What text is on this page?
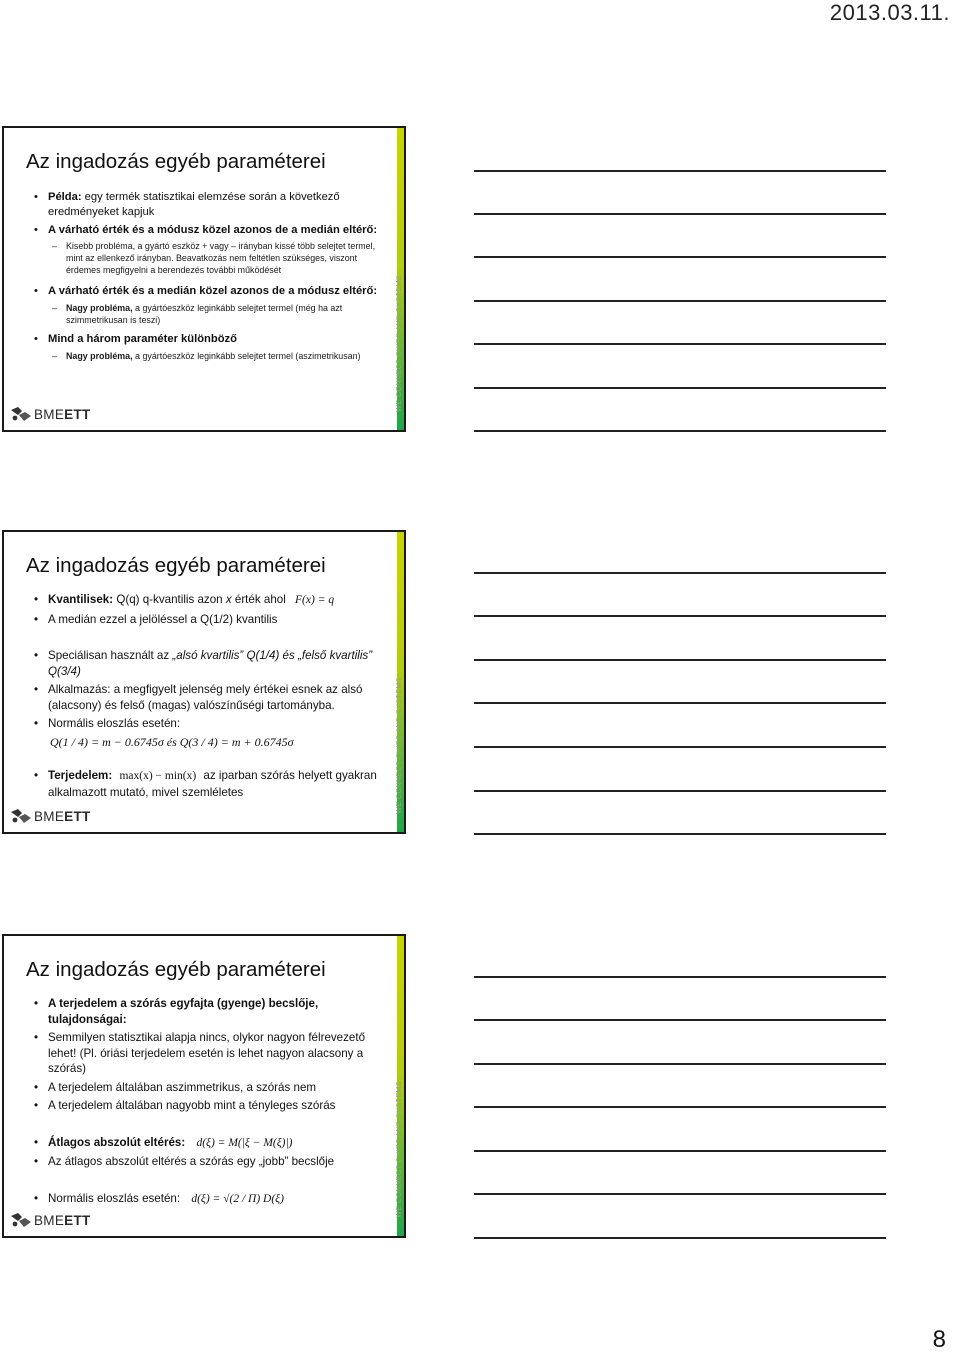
2013.03.11.
WE CONNECT CHIPS AND SYSTEMS
Az ingadozás egyéb paraméterei
• Példa: egy termék statisztikai elemzése során a következő eredményeket kapjuk
• A várható érték és a módusz közel azonos de a medián eltérő:
– Kisebb probléma, a gyártó eszköz + vagy – irányban kissé több selejtet termel, mint az ellenkező irányban. Beavatkozás nem feltétlen szükséges, viszont érdemes megfigyelni a berendezés további működését
• A várható érték és a medián közel azonos de a módusz eltérő:
– Nagy probléma, a gyártóeszköz leginkább selejtet termel (még ha azt szimmetrikusan is teszi)
• Mind a három paraméter különböző
– Nagy probléma, a gyártóeszköz leginkább selejtet termel (aszimetrikusan)
BME ETT
WE CONNECT CHIPS AND SYSTEMS
Az ingadozás egyéb paraméterei
• Kvantilisek: Q(q) q-kvantilis azon x érték ahol F(x) = q
• A medián ezzel a jelöléssel a Q(1/2) kvantilis
• Speciálisan használt az „alsó kvartilis” Q(1/4) és „felső kvartilis” Q(3/4)
• Alkalmazás: a megfigyelt jelenség mely értékei esnek az alsó (alacsony) és felső (magas) valószínűségi tartományba.
• Normális eloszlás esetén:
Q(1 / 4) = m − 0.6745σ és Q(3 / 4) = m + 0.6745σ
• Terjedelem: max(x) − min(x) az iparban szórás helyett gyakran alkalmazott mutató, mivel szemléletes
BME ETT
WE CONNECT CHIPS AND SYSTEMS
Az ingadozás egyéb paraméterei
• A terjedelem a szórás egyfajta (gyenge) becslője, tulajdonságai:
• Semmilyen statisztikai alapja nincs, olykor nagyon félrevezető lehet! (Pl. óriási terjedelem esetén is lehet nagyon alacsony a szórás)
• A terjedelem általában aszimmetrikus, a szórás nem
• A terjedelem általában nagyobb mint a tényleges szórás
• Átlagos abszolút eltérés: d(ξ) = M(|ξ − M(ξ)|)
• Az átlagos abszolút eltérés a szórás egy „jobb” becslője
• Normális eloszlás esetén: d(ξ) = √(2 / Π) D(ξ)
BME ETT
8
